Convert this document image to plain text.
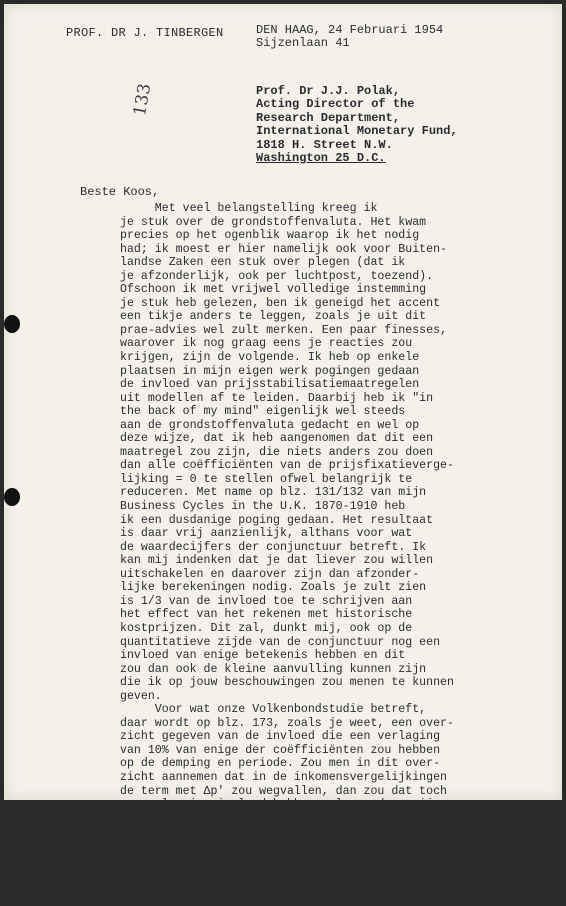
PROF. DR J. TINBERGEN	DEN HAAG, 24 Februari 1954
Sijzenlaan 41
Prof. Dr J.J. Polak,
Acting Director of the
Research Department,
International Monetary Fund,
1818 H. Street N.W.
Washington 25 D.C.
133
Beste Koos,
Met veel belangstelling kreeg ik
je stuk over de grondstoffenvaluta. Het kwam
precies op het ogenblik waarop ik het nodig
had; ik moest er hier namelijk ook voor Buiten-
landse Zaken een stuk over plegen (dat ik
je afzonderlijk, ook per luchtpost, toezend).
Ofschoon ik met vrijwel volledige instemming
je stuk heb gelezen, ben ik geneigd het accent
een tikje anders te leggen, zoals je uit dit
prae-advies wel zult merken. Een paar finesses,
waarover ik nog graag eens je reacties zou
krijgen, zijn de volgende. Ik heb op enkele
plaatsen in mijn eigen werk pogingen gedaan
de invloed van prijsstabilisatiemaatregelen
uit modellen af te leiden. Daarbij heb ik "in
the back of my mind" eigenlijk wel steeds
aan de grondstoffenvaluta gedacht en wel op
deze wijze, dat ik heb aangenomen dat dit een
maatregel zou zijn, die niets anders zou doen
dan alle coëfficiënten van de prijsfixatieverge-
lijking = 0 te stellen ofwel belangrijk te
reduceren. Met name op blz. 131/132 van mijn
Business Cycles in the U.K. 1870-1910 heb
ik een dusdanige poging gedaan. Het resultaat
is daar vrij aanzienlijk, althans voor wat
de waardecijfers der conjunctuur betreft. Ik
kan mij indenken dat je dat liever zou willen
uitschakelen en daarover zijn dan afzonder-
lijke berekeningen nodig. Zoals je zult zien
is 1/3 van de invloed toe te schrijven aan
het effect van het rekenen met historische
kostprijzen. Dit zal, dunkt mij, ook op de
quantitatieve zijde van de conjunctuur nog een
invloed van enige betekenis hebben en dit
zou dan ook de kleine aanvulling kunnen zijn
die ik op jouw beschouwingen zou menen te kunnen
geven.
Voor wat onze Volkenbondstudie betreft,
daar wordt op blz. 173, zoals je weet, een over-
zicht gegeven van de invloed die een verlaging
van 10% van enige der coëfficiënten zou hebben
op de demping en periode. Zou men in dit over-
zicht aannemen dat in de inkomensvergelijkingen
de term met Δp' zou wegvallen, dan zou dat toch
nog wel enige invloed hebben volgens deze cij-
fers. Het tot 0 reduceren van de termen van de
prijsvergelijking is hier niet mogelijk, doch
daarover is iets te vinden op blz. 169 onder
de titel "rigid prices". Men zou het gecombineer-
de effect moeten kennen en daar ben ik nog niet
aan toegekomen. Ik geeft er, zoals je trouwens
begrijpen zult, de voorkeur aan dit met een
